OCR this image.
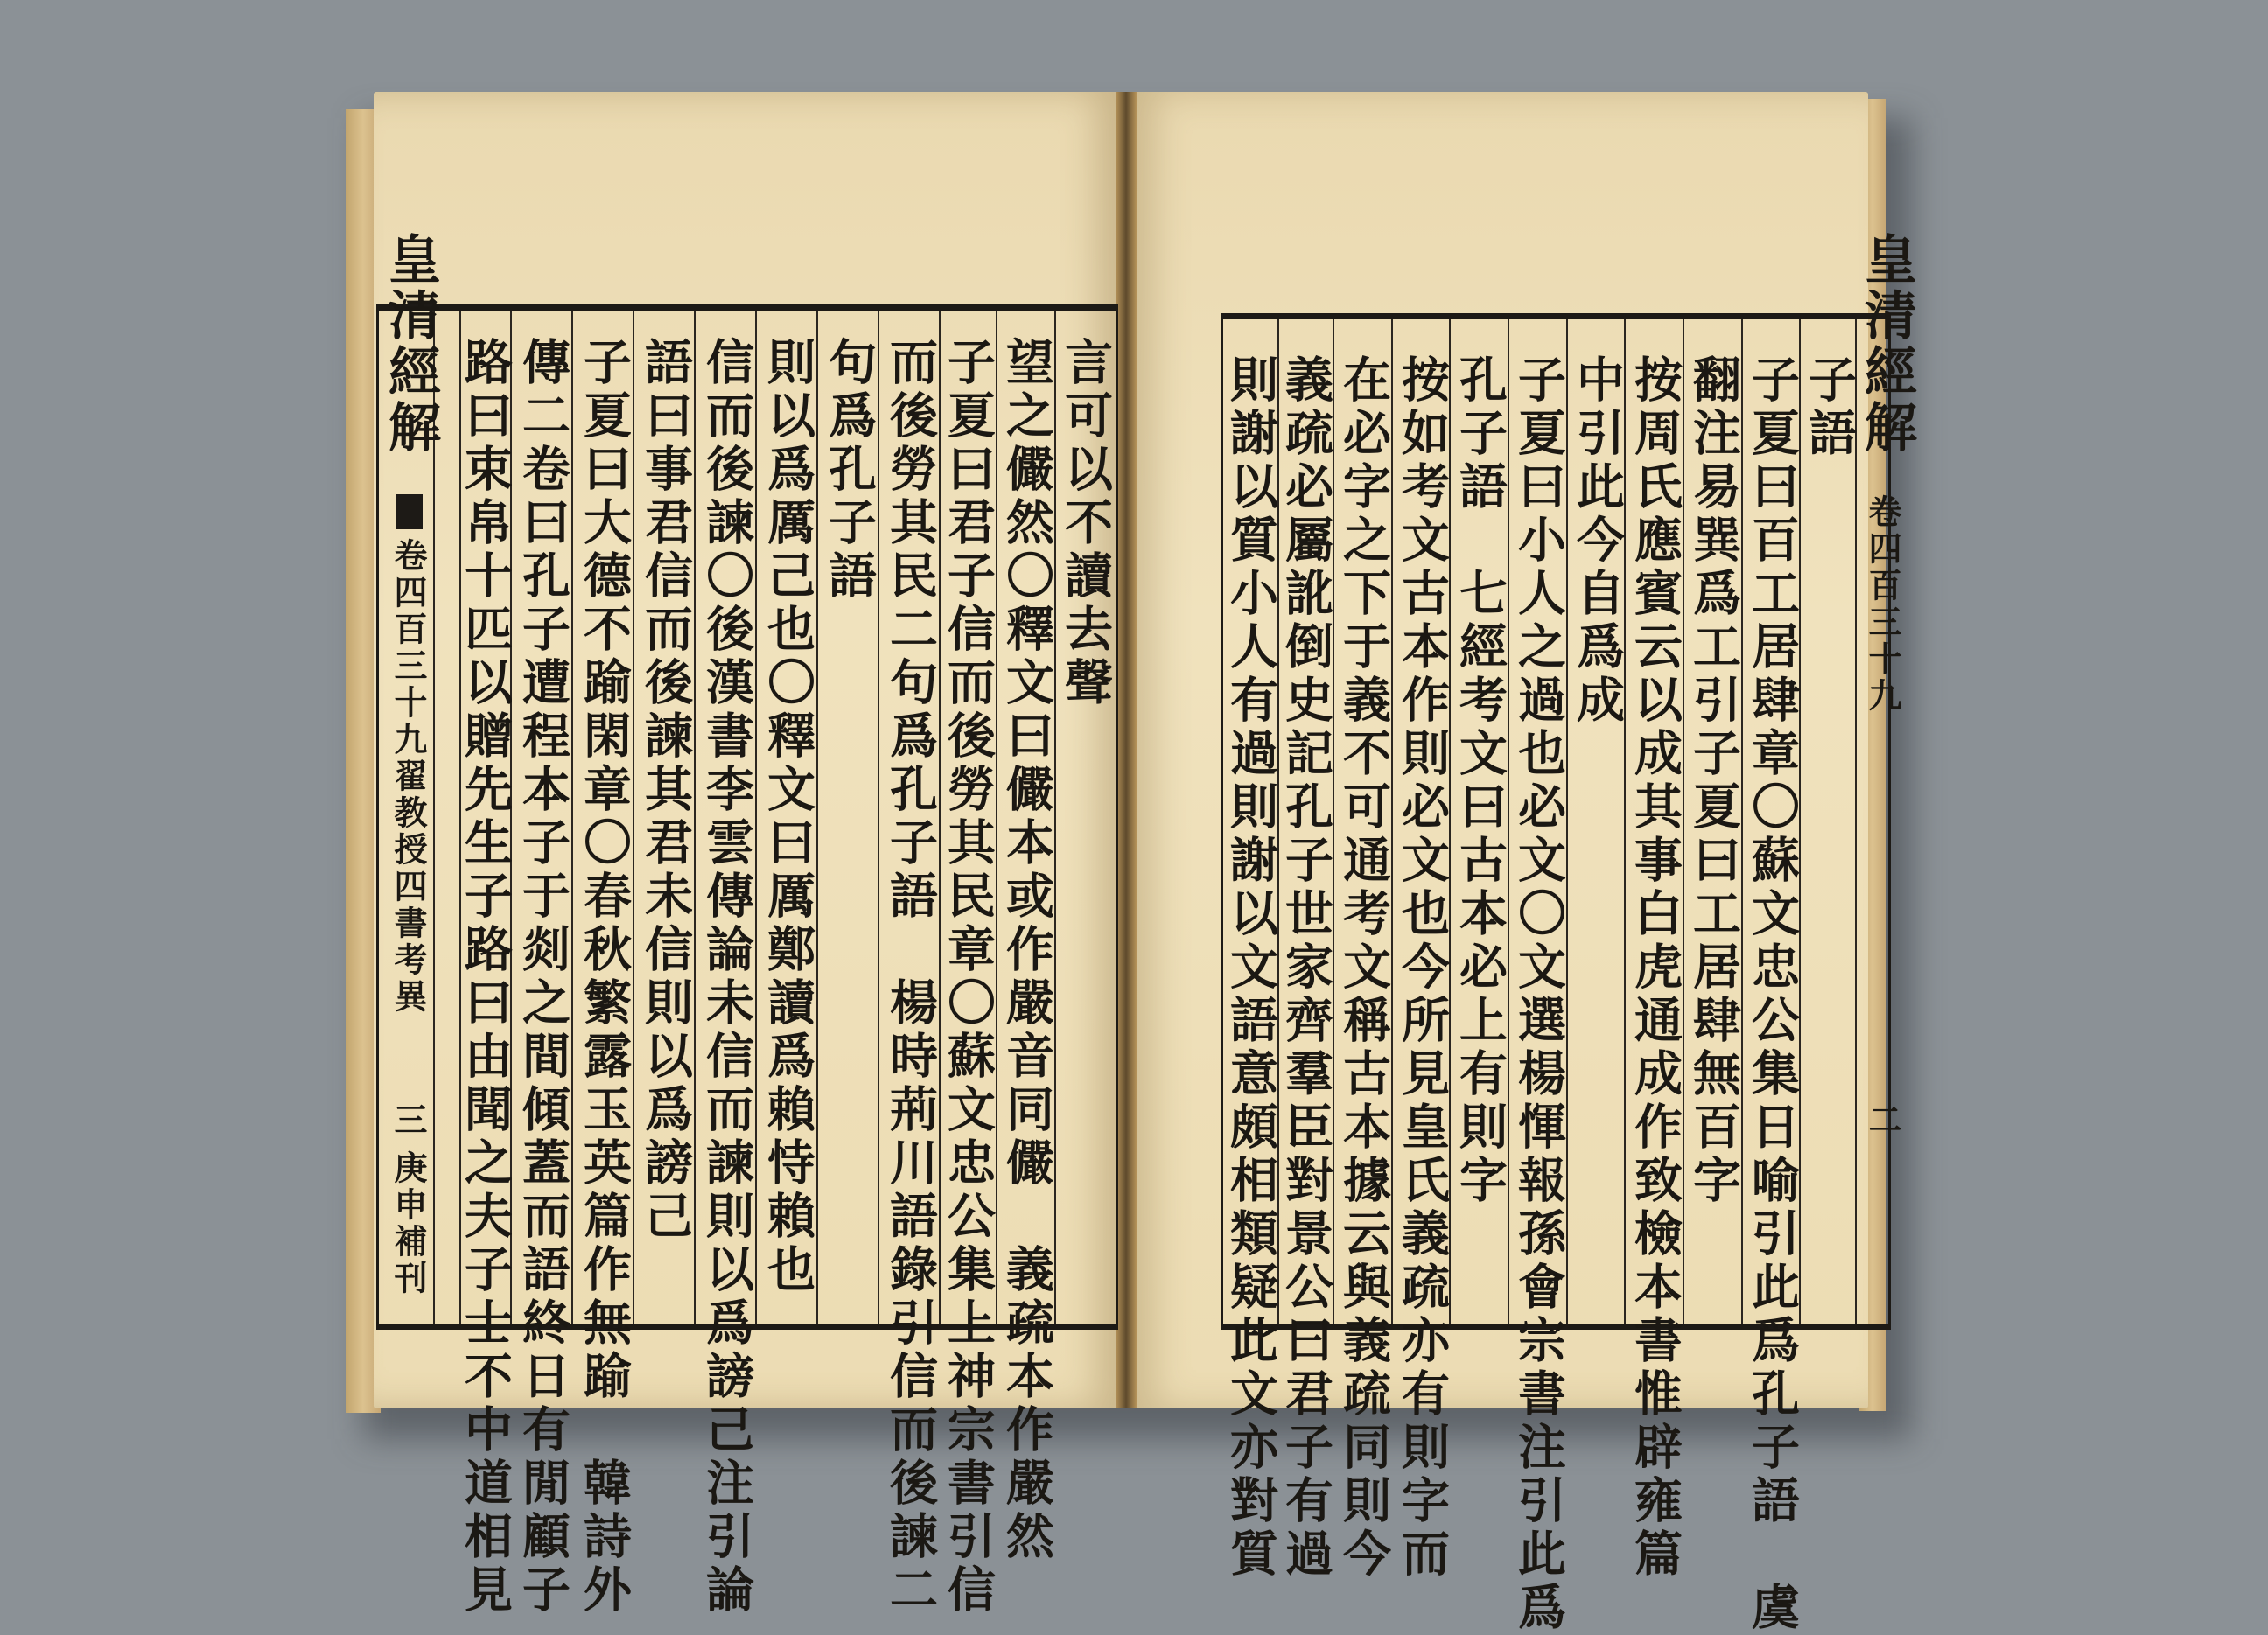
皇清經解
卷四百三十九翟教授四書考異
三
庚申補刊 路曰束帛十匹以贈先生子路曰由聞之夫子士不中道相見 傳二卷曰孔子遭程本子于剡之間傾蓋而語終日有閒顧子 子夏曰大德不踰閑章〇春秋繁露玉英篇作無踰　韓詩外 語曰事君信而後諫其君未信則以爲謗己 信而後諫〇後漢書李雲傳論未信而諫則以爲謗己注引論 則以爲厲己也〇釋文曰厲鄭讀爲賴恃賴也 句爲孔子語 而後勞其民二句爲孔子語　楊時荊川語錄引信而後諫二 子夏曰君子信而後勞其民章〇蘇文忠公集上神宗書引信 望之儼然〇釋文曰儼本或作嚴音同儼　義疏本作嚴然 言可以不讀去聲 則謝以質小人有過則謝以文語意頗相類疑此文亦對質
義疏必屬訛倒史記孔子世家齊羣臣對景公曰君子有過 在必字之下于義不可通考文稱古本據云與義疏同則今 按如考文古本作則必文也今所見皇氏義疏亦有則字而 孔子語　七經考文曰古本必上有則字 子夏曰小人之過也必文〇文選楊惲報孫會宗書注引此爲 中引此今自爲成 按周氏應賓云以成其事白虎通成作致檢本書惟辟雍篇 翻注易巽爲工引子夏曰工居肆無百字 子夏曰百工居肆章〇蘇文忠公集日喻引此爲孔子語　虞 子語
皇清經解
卷四百三十九
二
